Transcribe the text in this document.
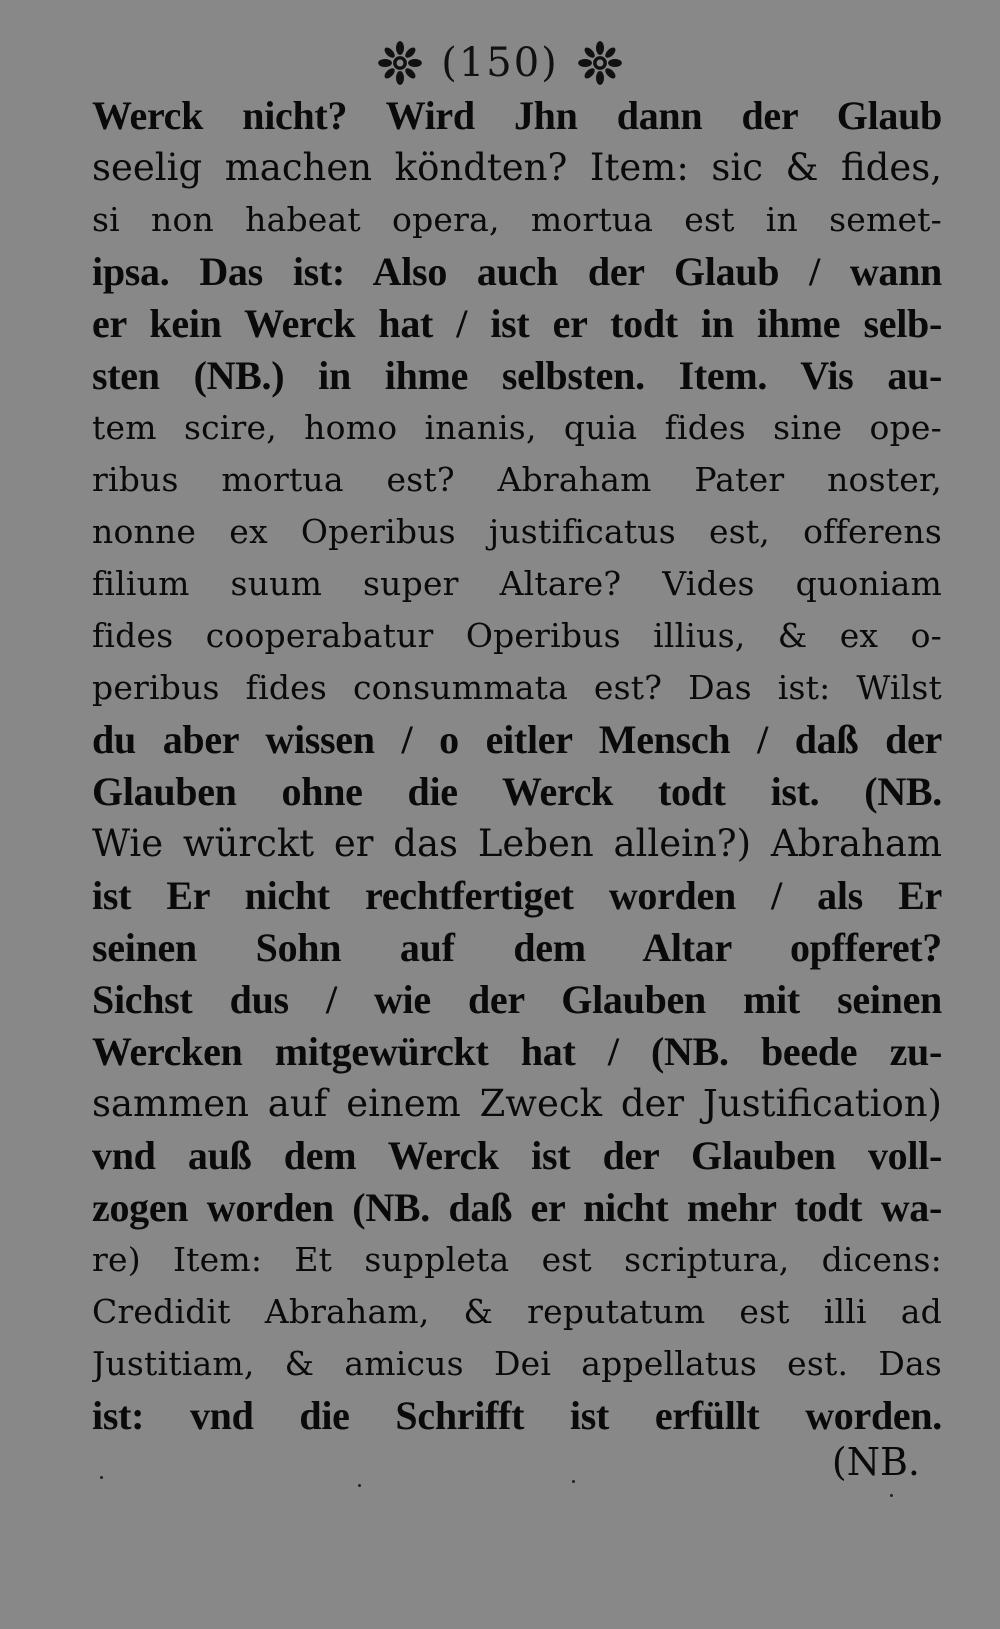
(150)
Werck nicht? Wird Jhn dann der Glaub
seelig machen köndten? Item: sic & fides,
si non habeat opera, mortua est in semet-
ipsa. Das ist: Also auch der Glaub / wann
er kein Werck hat / ist er todt in ihme selb-
sten (NB.) in ihme selbsten. Item. Vis au-
tem scire, homo inanis, quia fides sine ope-
ribus mortua est? Abraham Pater noster,
nonne ex Operibus justificatus est, offerens
filium suum super Altare? Vides quoniam
fides cooperabatur Operibus illius, & ex o-
peribus fides consummata est? Das ist: Wilst
du aber wissen / o eitler Mensch / daß der
Glauben ohne die Werck todt ist. (NB.
Wie würckt er das Leben allein?) Abraham
ist Er nicht rechtfertiget worden / als Er
seinen Sohn auf dem Altar opfferet?
Sichst dus / wie der Glauben mit seinen
Wercken mitgewürckt hat / (NB. beede zu-
sammen auf einem Zweck der Justification)
vnd auß dem Werck ist der Glauben voll-
zogen worden (NB. daß er nicht mehr todt wa-
re) Item: Et suppleta est scriptura, dicens:
Credidit Abraham, & reputatum est illi ad
Justitiam, & amicus Dei appellatus est. Das
ist: vnd die Schrifft ist erfüllt worden.
(NB.
